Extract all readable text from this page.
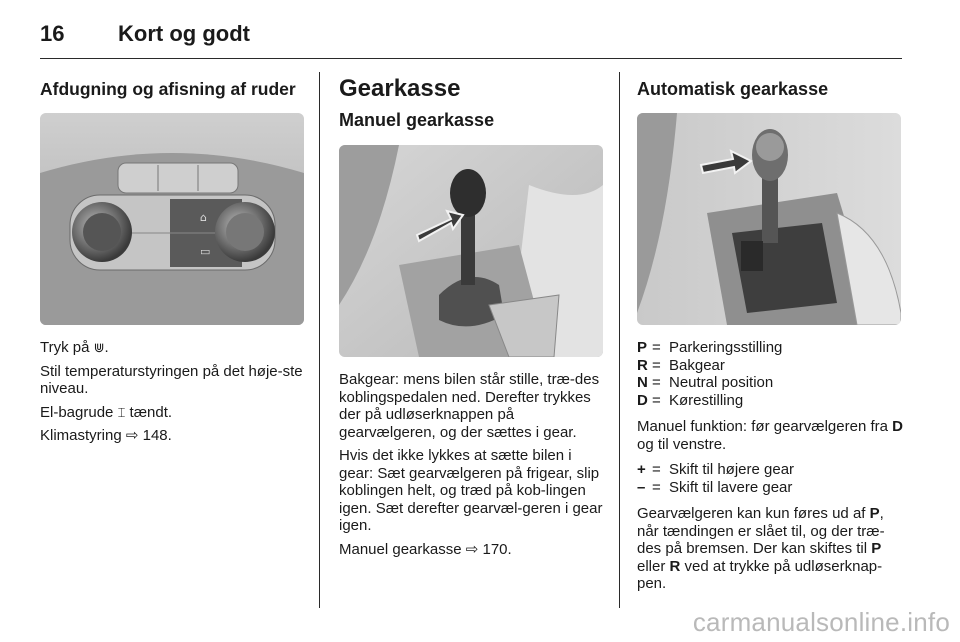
16	Kort og godt
Afdugning og afisning af ruder
⌂
▭

Tryk på ⋓.

Stil temperaturstyringen på det høje-ste niveau.

El-bagrude ⌶ tændt.

Klimastyring ⇨ 148.

Gearkasse
Manuel gearkasse

Bakgear: mens bilen står stille, træ-des koblingspedalen ned. Derefter trykkes der på udløserknappen på gearvælgeren, og der sættes i gear.

Hvis det ikke lykkes at sætte bilen i gear: Sæt gearvælgeren på frigear, slip koblingen helt, og træd på kob-lingen igen. Sæt derefter gearvæl-geren i gear igen.

Manuel gearkasse ⇨ 170.

Automatisk gearkasse
P = Parkeringsstilling
R = Bakgear
N = Neutral position
D = Kørestilling

Manuel funktion: før gearvælgeren fra D og til venstre.

+ = Skift til højere gear
– = Skift til lavere gear

Gearvælgeren kan kun føres ud af P, når tændingen er slået til, og der træ-des på bremsen. Der kan skiftes til P eller R ved at trykke på udløserknap-pen.

carmanualsonline.info
